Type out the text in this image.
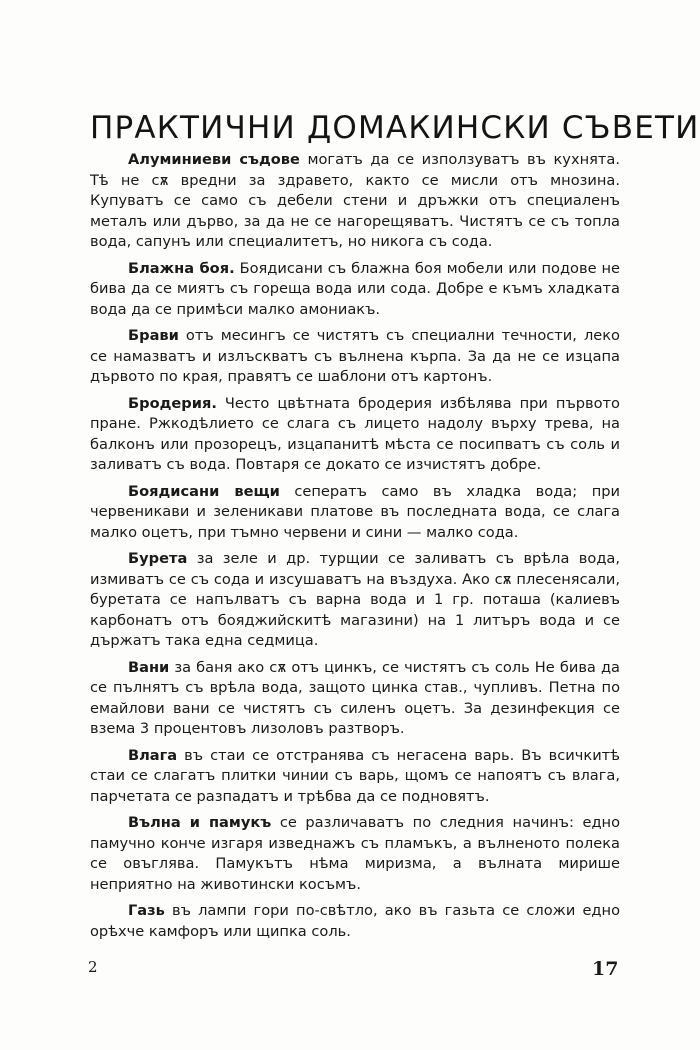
ПРАКТИЧНИ ДОМАКИНСКИ СЪВЕТИ

Алуминиеви съдове могатъ да се използуватъ въ кухнята. Тѣ не сѫ вредни за здравето, както се мисли отъ мнозина. Купуватъ се само съ дебели стени и дръжки отъ специаленъ металъ или дърво, за да не се нагорещяватъ. Чистятъ се съ топла вода, сапунъ или специалитетъ, но никога съ сода.

Блажна боя. Боядисани съ блажна боя мобели или подове не бива да се миятъ съ гореща вода или сода. Добре е къмъ хладката вода да се примѣси малко амониакъ.

Брави отъ месингъ се чистятъ съ специални течности, леко се намазватъ и излъскватъ съ вълнена кърпа. За да не се изцапа дървото по края, правятъ се шаблони отъ картонъ.

Бродерия. Често цвѣтната бродерия избѣлява при първото пране. Ржкодѣлието се слага съ лицето надолу върху трева, на балконъ или прозорецъ, изцапанитѣ мѣста се посипватъ съ соль и заливатъ съ вода. Повтаря се докато се изчистятъ добре.

Боядисани вещи сеператъ само въ хладка вода; при червеникави и зеленикави платове въ последната вода, се слага малко оцетъ, при тъмно червени и сини — малко сода.

Бурета за зеле и др. турщии се заливатъ съ врѣла вода, измиватъ се съ сода и изсушаватъ на въздуха. Ако сѫ плесенясали, буретата се напълватъ съ варна вода и 1 гр. поташа (калиевъ карбонатъ отъ бояджийскитѣ магазини) на 1 литъръ вода и се държатъ така една седмица.

Вани за баня ако сѫ отъ цинкъ, се чистятъ съ соль Не бива да се пълнятъ съ врѣла вода, защото цинка став., чупливъ. Петна по емайлови вани се чистятъ съ силенъ оцетъ. За дезинфекция се взема 3 процентовъ лизоловъ разтворъ.

Влага въ стаи се отстранява съ негасена варь. Въ всичкитѣ стаи се слагатъ плитки чинии съ варь, щомъ се напоятъ съ влага, парчетата се разпадатъ и трѣбва да се подновятъ.

Вълна и памукъ се различаватъ по следния начинъ: едно памучно конче изгаря изведнажъ съ пламъкъ, а вълненото полека се овъглява. Памукътъ нѣма миризма, а вълната мирише неприятно на животински косъмъ.

Газь въ лампи гори по-свѣтло, ако въ газьта се сложи едно орѣхче камфоръ или щипка соль.

2	17
